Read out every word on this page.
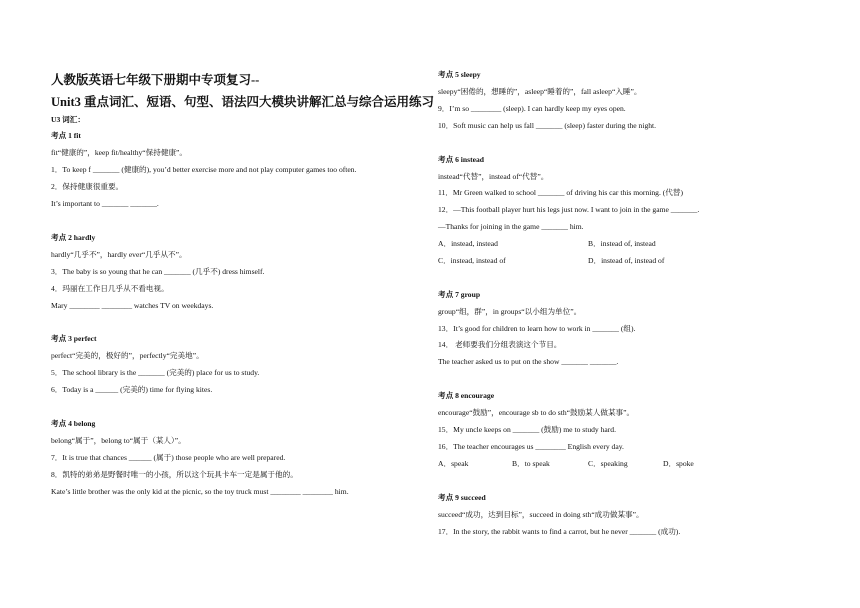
人教版英语七年级下册期中专项复习--
Unit3 重点词汇、短语、句型、语法四大模块讲解汇总与综合运用练习
U3 词汇：
考点 1 fit
fit“健康的”，keep fit/healthy“保持健康”。
1．To keep f _______ (健康的), you’d better exercise more and not play computer games too often.
2．保持健康很重要。
It’s important to _______ _______.
考点 2 hardly
hardly“几乎不”，hardly ever“几乎从不”。
3．The baby is so young that he can _______ (几乎不) dress himself.
4．玛丽在工作日几乎从不看电视。
Mary ________ ________ watches TV on weekdays.
考点 3 perfect
perfect“完美的，极好的”，perfectly“完美地”。
5．The school library is the _______ (完美的) place for us to study.
6．Today is a ______ (完美的) time for flying kites.
考点 4 belong
belong“属于”，belong to“属于（某人）”。
7．It is true that chances ______ (属于) those people who are well prepared.
8．凯特的弟弟是野餐时唯一的小孩，所以这个玩具卡车一定是属于他的。
Kate’s little brother was the only kid at the picnic, so the toy truck must ________ ________ him.
考点 5 sleepy
sleepy“困倦的，想睡的”，asleep“睡着的”，fall asleep“入睡”。
9．I’m so ________ (sleep). I can hardly keep my eyes open.
10．Soft music can help us fall _______ (sleep) faster during the night.
考点 6 instead
instead“代替”，instead of“代替”。
11．Mr Green walked to school _______ of driving his car this morning. (代替)
12．—This football player hurt his legs just now. I want to join in the game _______.
—Thanks for joining in the game _______ him.
A．instead, instead	B．instead of, instead
C．instead, instead of	D．instead of, instead of
考点 7 group
group“组，群”，in groups“以小组为单位”。
13．It’s good for children to learn how to work in _______ (组).
14． 老师要我们分组表演这个节目。
The teacher asked us to put on the show _______ _______.
考点 8 encourage
encourage“鼓励”，encourage sb to do sth“鼓励某人做某事”。
15．My uncle keeps on _______ (鼓励) me to study hard.
16．The teacher encourages us ________ English every day.
A．speak	B．to speak	C．speaking	D．spoke
考点 9 succeed
succeed“成功，达到目标”，succeed in doing sth“成功做某事”。
17．In the story, the rabbit wants to find a carrot, but he never _______ (成功).
